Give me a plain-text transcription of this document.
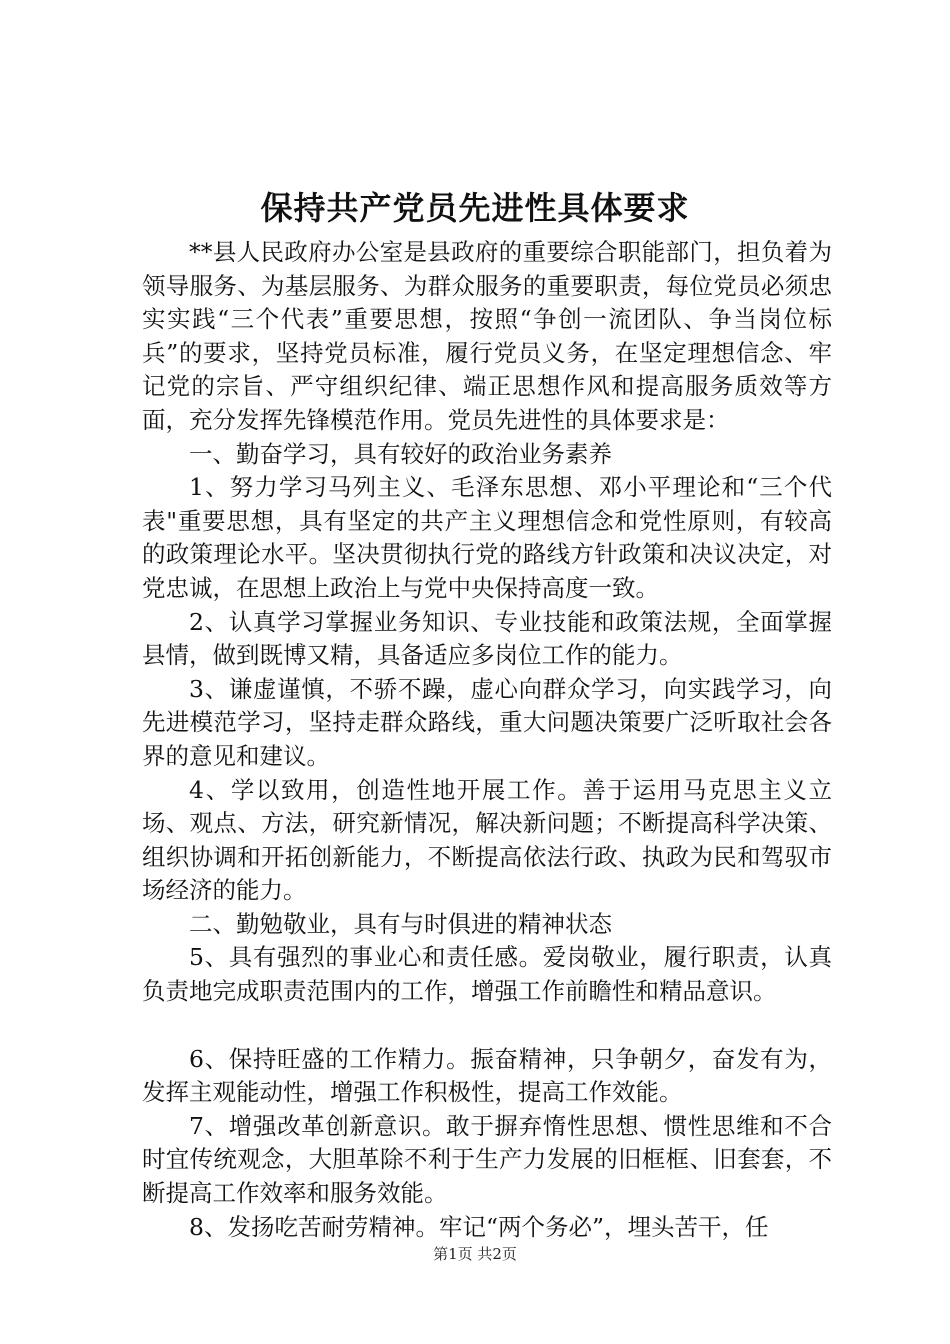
保持共产党员先进性具体要求

**县人民政府办公室是县政府的重要综合职能部门，担负着为领导服务、为基层服务、为群众服务的重要职责，每位党员必须忠实实践“三个代表”重要思想，按照“争创一流团队、争当岗位标兵”的要求，坚持党员标准，履行党员义务，在坚定理想信念、牢记党的宗旨、严守组织纪律、端正思想作风和提高服务质效等方面，充分发挥先锋模范作用。党员先进性的具体要求是：

一、勤奋学习，具有较好的政治业务素养

1、努力学习马列主义、毛泽东思想、邓小平理论和“三个代表"重要思想，具有坚定的共产主义理想信念和党性原则，有较高的政策理论水平。坚决贯彻执行党的路线方针政策和决议决定，对党忠诚，在思想上政治上与党中央保持高度一致。

2、认真学习掌握业务知识、专业技能和政策法规，全面掌握县情，做到既博又精，具备适应多岗位工作的能力。

3、谦虚谨慎，不骄不躁，虚心向群众学习，向实践学习，向先进模范学习，坚持走群众路线，重大问题决策要广泛听取社会各界的意见和建议。

4、学以致用，创造性地开展工作。善于运用马克思主义立场、观点、方法，研究新情况，解决新问题；不断提高科学决策、组织协调和开拓创新能力，不断提高依法行政、执政为民和驾驭市场经济的能力。

二、勤勉敬业，具有与时俱进的精神状态

5、具有强烈的事业心和责任感。爱岗敬业，履行职责，认真负责地完成职责范围内的工作，增强工作前瞻性和精品意识。

6、保持旺盛的工作精力。振奋精神，只争朝夕，奋发有为，发挥主观能动性，增强工作积极性，提高工作效能。

7、增强改革创新意识。敢于摒弃惰性思想、惯性思维和不合时宜传统观念，大胆革除不利于生产力发展的旧框框、旧套套，不断提高工作效率和服务效能。

8、发扬吃苦耐劳精神。牢记“两个务必”，埋头苦干，任

第1页 共2页
